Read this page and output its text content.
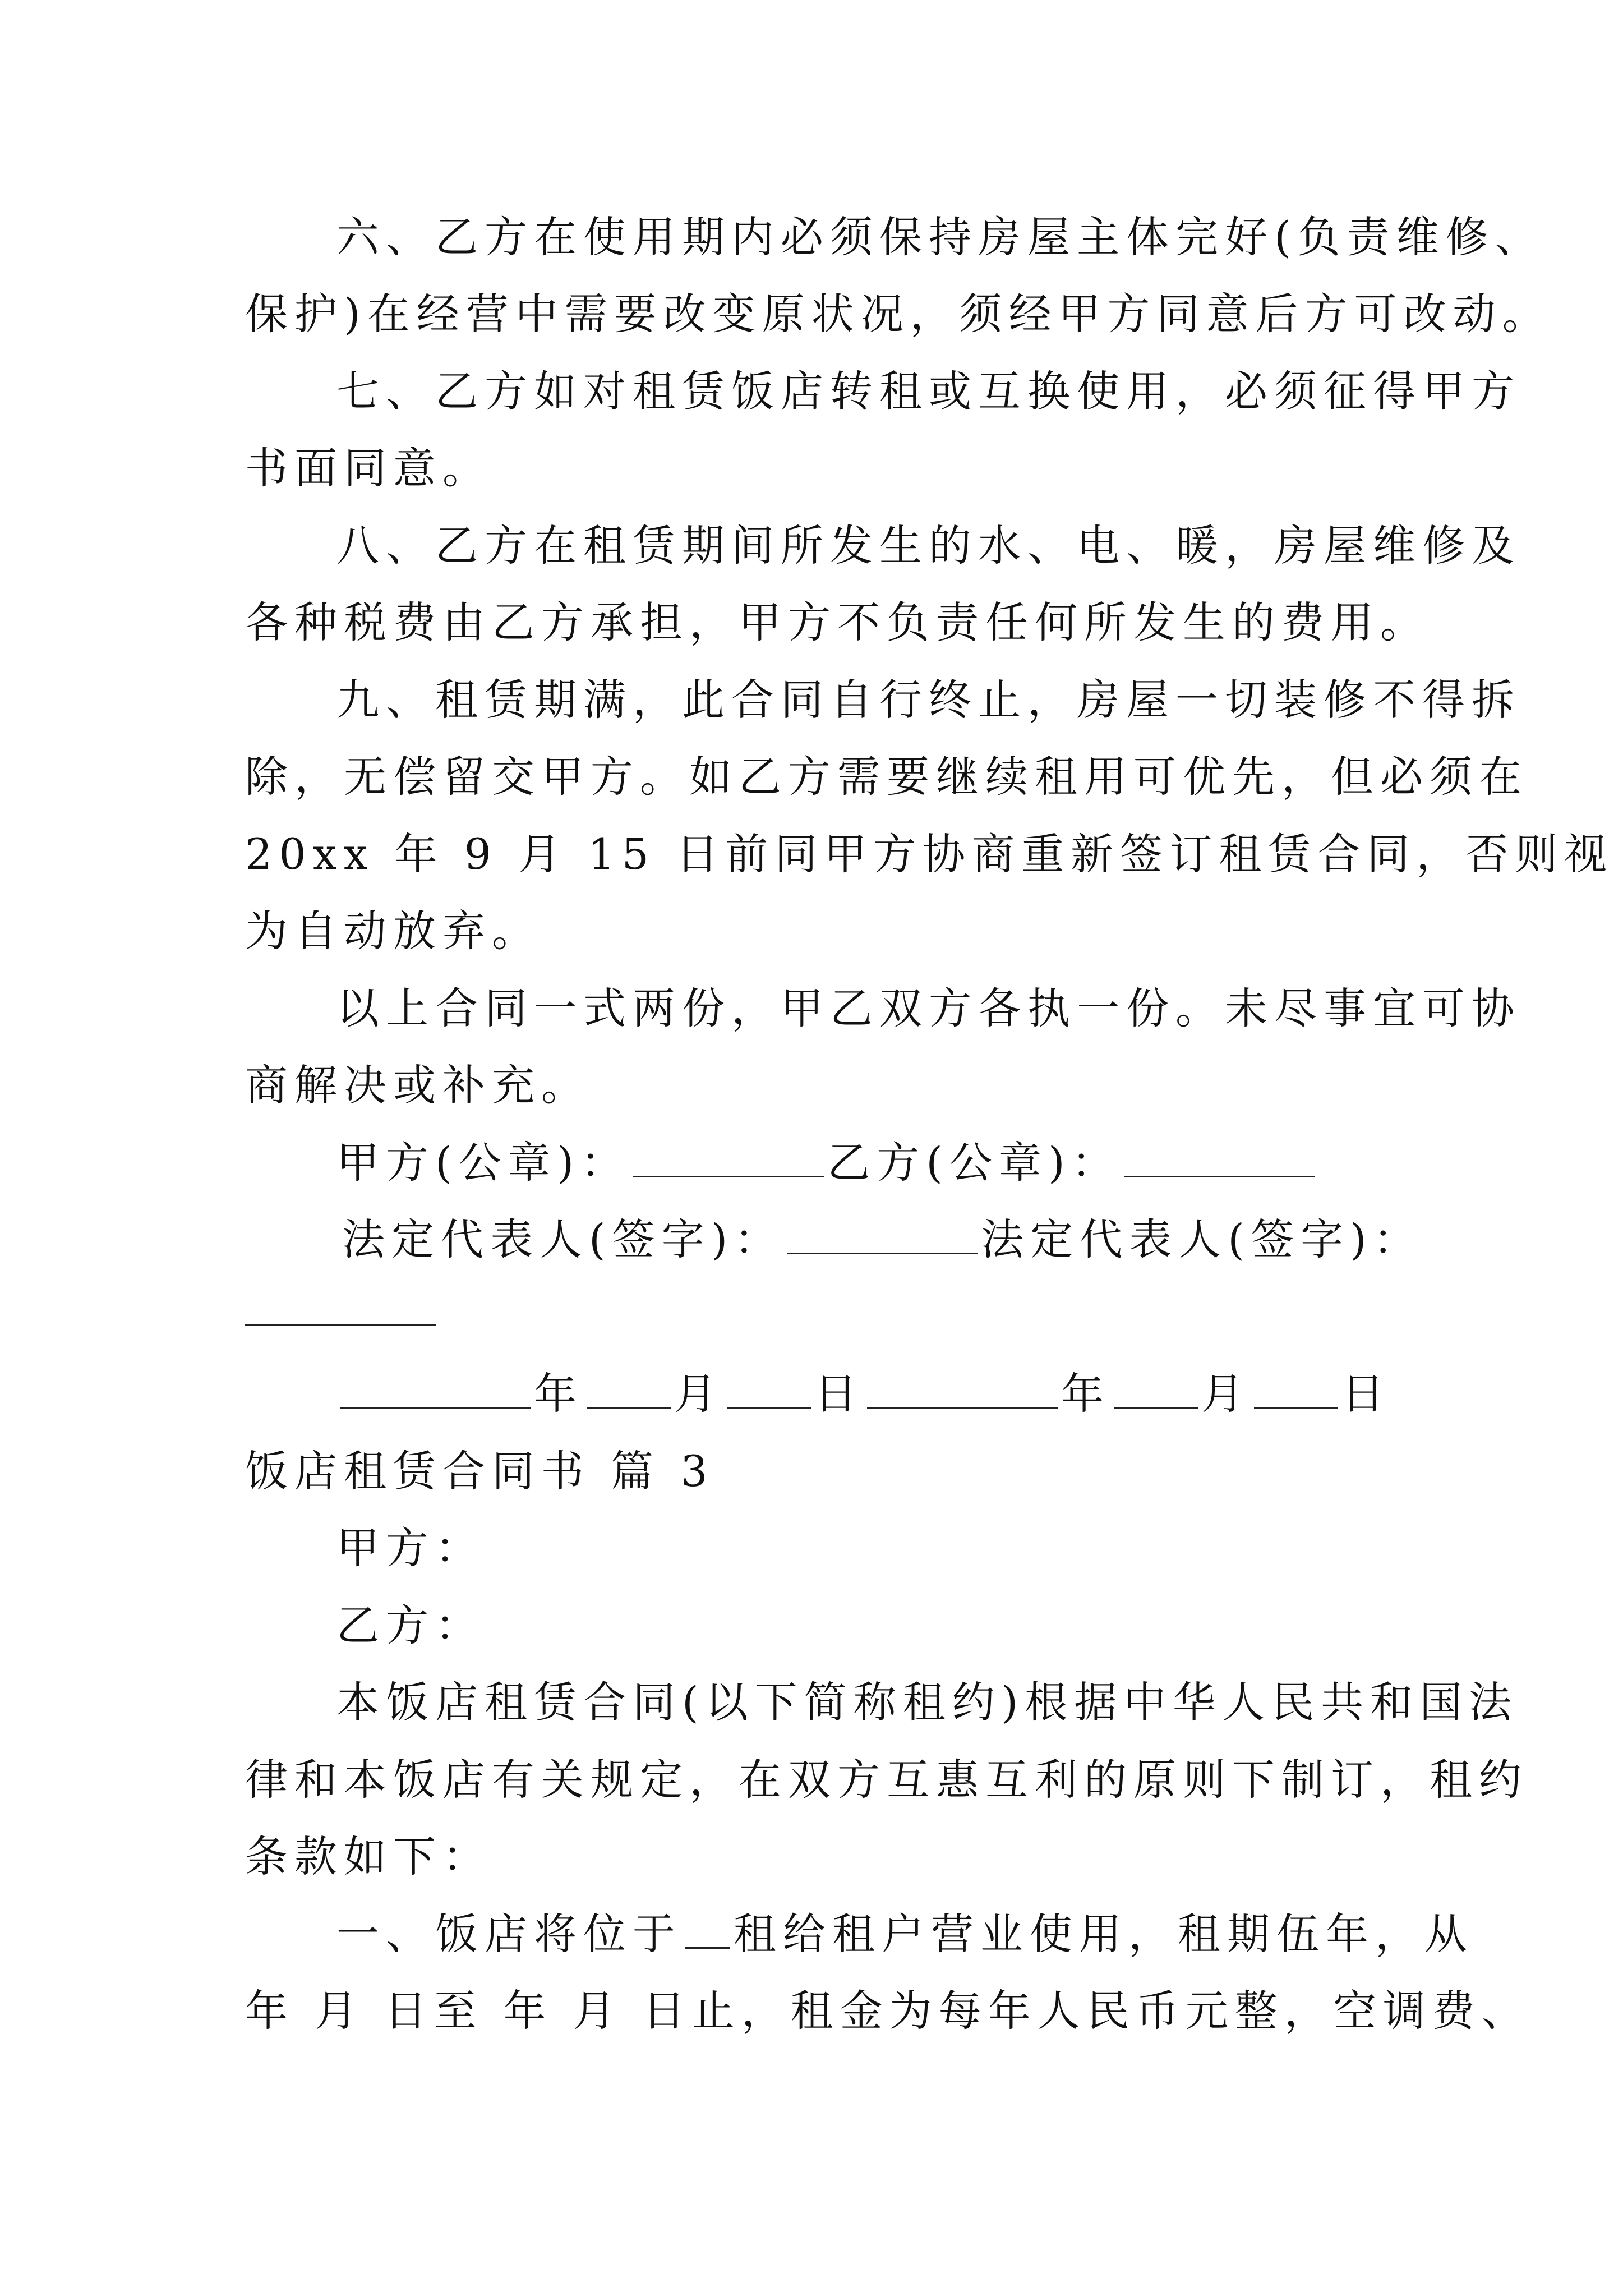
六、乙方在使用期内必须保持房屋主体完好(负责维修、
保护)在经营中需要改变原状况，须经甲方同意后方可改动。
七、乙方如对租赁饭店转租或互换使用，必须征得甲方
书面同意。
八、乙方在租赁期间所发生的水、电、暖，房屋维修及
各种税费由乙方承担，甲方不负责任何所发生的费用。
九、租赁期满，此合同自行终止，房屋一切装修不得拆
除，无偿留交甲方。如乙方需要继续租用可优先，但必须在
20xx 年 9 月 15 日前同甲方协商重新签订租赁合同，否则视
为自动放弃。
以上合同一式两份，甲乙双方各执一份。未尽事宜可协
商解决或补充。
甲方(公章)：	乙方(公章)：
法定代表人(签字)：	法定代表人(签字)：
年 月 日	年 月 日
饭店租赁合同书 篇 3
甲方：
乙方：
本饭店租赁合同(以下简称租约)根据中华人民共和国法
律和本饭店有关规定，在双方互惠互利的原则下制订，租约
条款如下：
一、饭店将位于 租给租户营业使用，租期伍年，从
年 月 日至 年 月 日止，租金为每年人民币元整，空调费、
